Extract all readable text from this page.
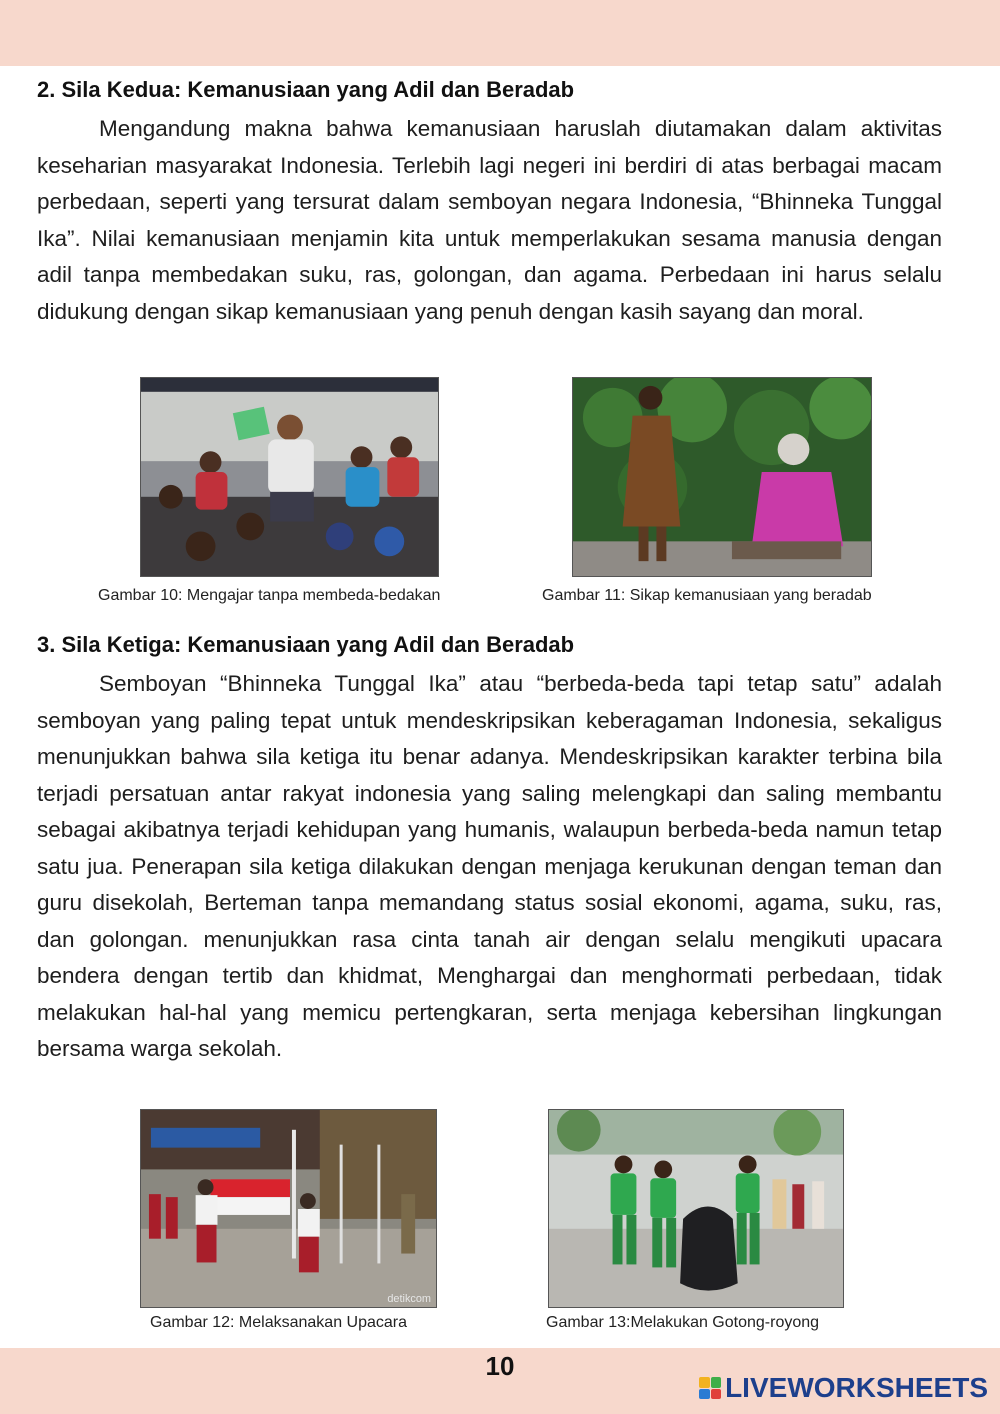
2. Sila Kedua: Kemanusiaan yang Adil dan Beradab

Mengandung makna bahwa kemanusiaan haruslah diutamakan dalam aktivitas keseharian masyarakat Indonesia. Terlebih lagi negeri ini berdiri di atas berbagai macam perbedaan, seperti yang tersurat dalam semboyan negara Indonesia, “Bhinneka Tunggal Ika”. Nilai kemanusiaan menjamin kita untuk memperlakukan sesama manusia dengan adil tanpa membedakan suku, ras, golongan, dan agama. Perbedaan ini harus selalu didukung dengan sikap kemanusiaan yang penuh dengan kasih sayang dan moral.

Gambar 10: Mengajar tanpa membeda-bedakan	Gambar 11: Sikap kemanusiaan yang beradab
3. Sila Ketiga: Kemanusiaan yang Adil dan Beradab

Semboyan “Bhinneka Tunggal Ika” atau “berbeda-beda tapi tetap satu” adalah semboyan yang paling tepat untuk mendeskripsikan keberagaman Indonesia, sekaligus menunjukkan bahwa sila ketiga itu benar adanya. Mendeskripsikan karakter terbina bila terjadi persatuan antar rakyat indonesia yang saling melengkapi dan saling membantu sebagai akibatnya terjadi kehidupan yang humanis, walaupun berbeda-beda namun tetap satu jua. Penerapan sila ketiga dilakukan dengan menjaga kerukunan dengan teman dan guru disekolah, Berteman tanpa memandang status sosial ekonomi, agama, suku, ras, dan golongan. menunjukkan rasa cinta tanah air dengan selalu mengikuti upacara bendera dengan tertib dan khidmat, Menghargai dan menghormati perbedaan, tidak melakukan hal-hal yang memicu pertengkaran, serta menjaga kebersihan lingkungan bersama warga sekolah.

detikcom
Gambar 12: Melaksanakan Upacara	Gambar 13:Melakukan Gotong-royong
10
LIVEWORKSHEETS
